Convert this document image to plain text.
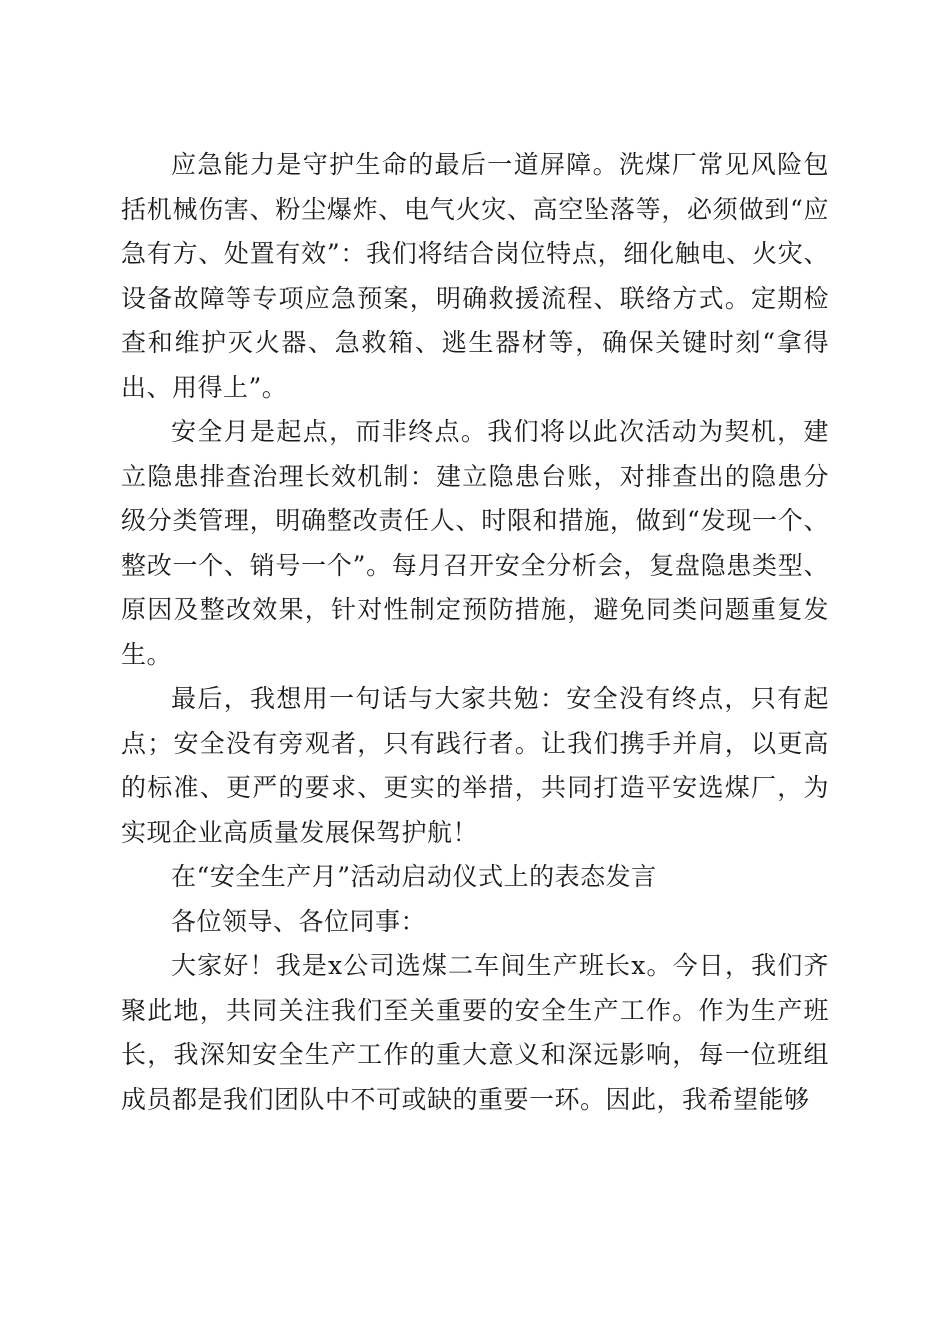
应急能力是守护生命的最后一道屏障。洗煤厂常见风险包括机械伤害、粉尘爆炸、电气火灾、高空坠落等，必须做到“应急有方、处置有效”：我们将结合岗位特点，细化触电、火灾、设备故障等专项应急预案，明确救援流程、联络方式。定期检查和维护灭火器、急救箱、逃生器材等，确保关键时刻“拿得出、用得上”。

安全月是起点，而非终点。我们将以此次活动为契机，建立隐患排查治理长效机制：建立隐患台账，对排查出的隐患分级分类管理，明确整改责任人、时限和措施，做到“发现一个、整改一个、销号一个”。每月召开安全分析会，复盘隐患类型、原因及整改效果，针对性制定预防措施，避免同类问题重复发生。

最后，我想用一句话与大家共勉：安全没有终点，只有起点；安全没有旁观者，只有践行者。让我们携手并肩，以更高的标准、更严的要求、更实的举措，共同打造平安选煤厂，为实现企业高质量发展保驾护航！

在“安全生产月”活动启动仪式上的表态发言

各位领导、各位同事：

大家好！我是x公司选煤二车间生产班长x。今日，我们齐聚此地，共同关注我们至关重要的安全生产工作。作为生产班长，我深知安全生产工作的重大意义和深远影响，每一位班组成员都是我们团队中不可或缺的重要一环。因此，我希望能够
